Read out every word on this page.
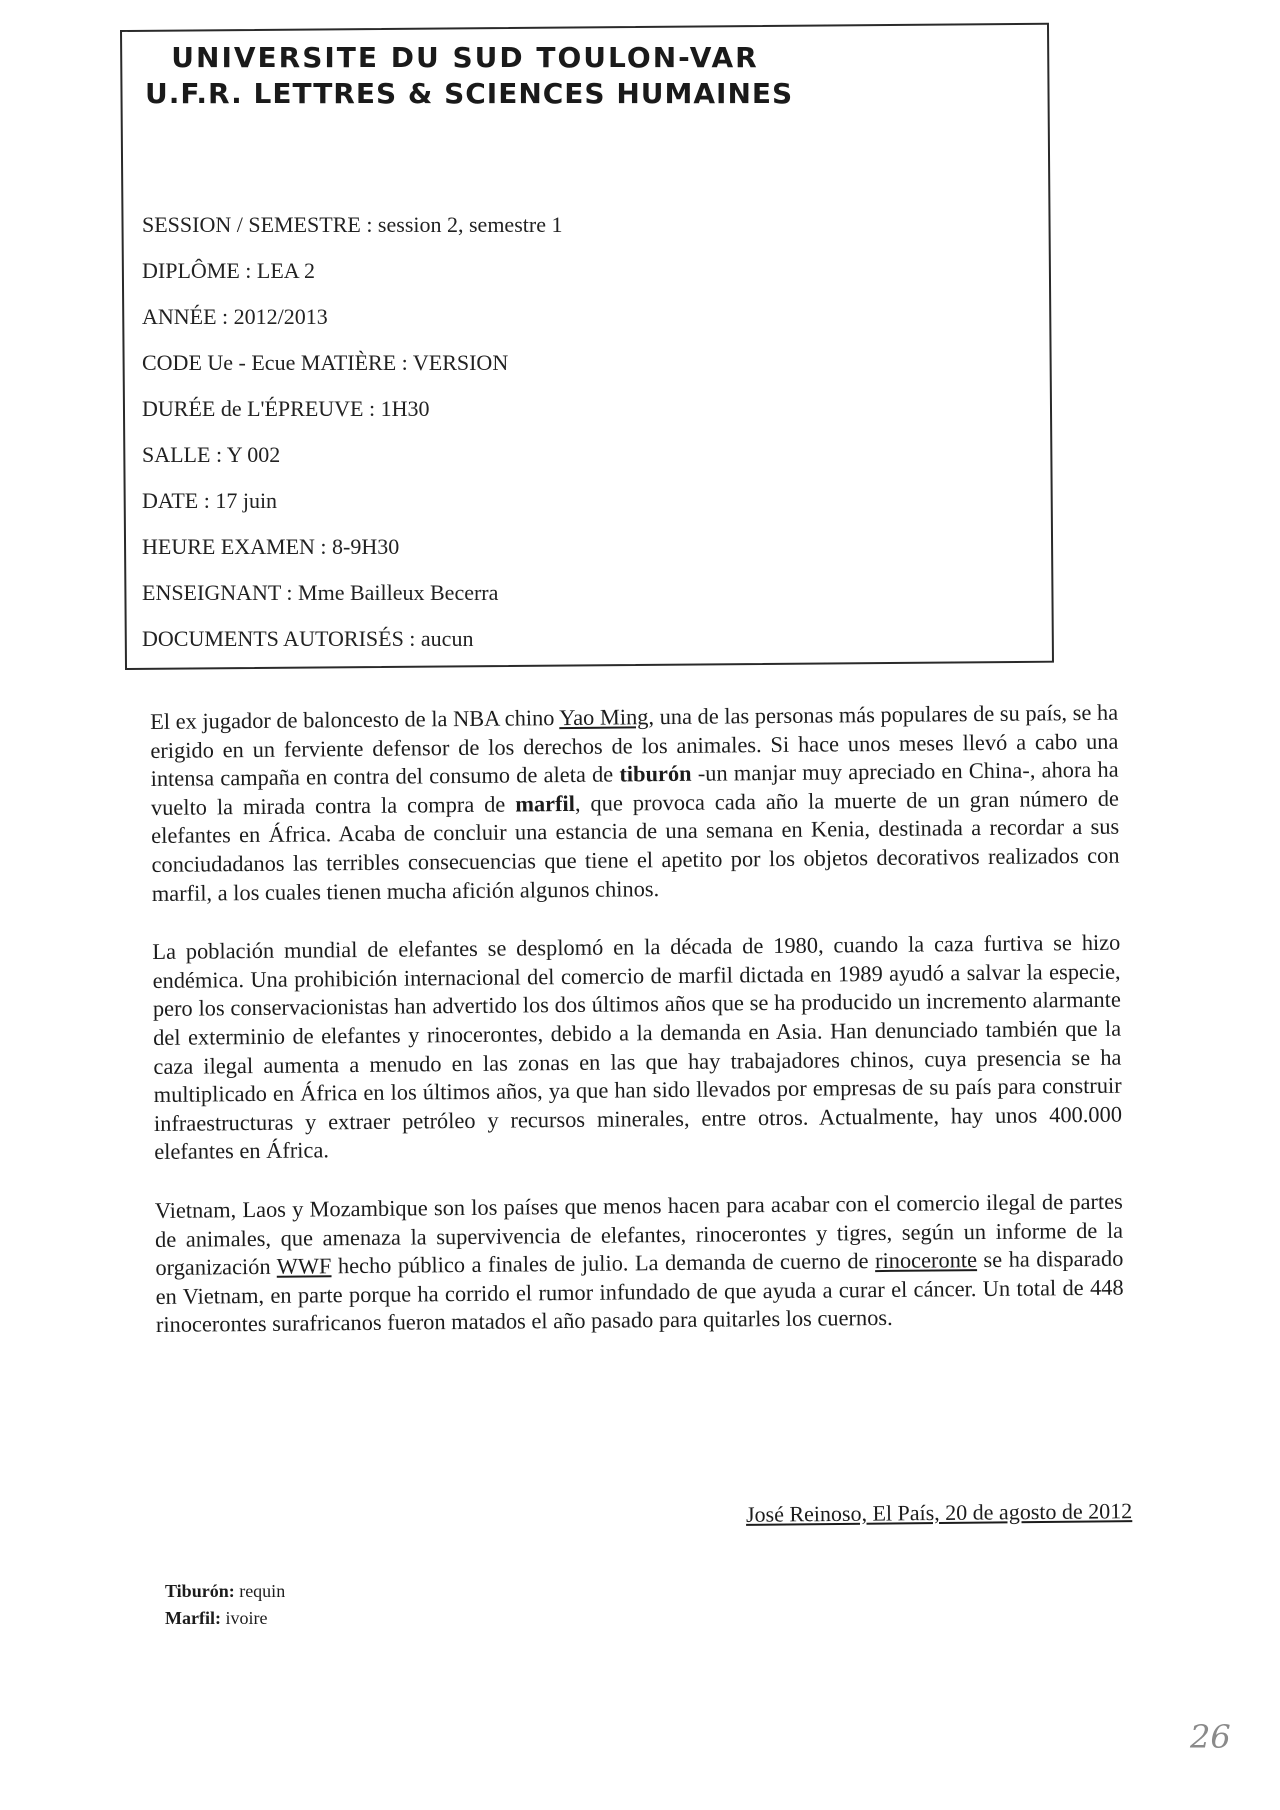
UNIVERSITE DU SUD TOULON-VAR
U.F.R. LETTRES & SCIENCES HUMAINES
SESSION / SEMESTRE : session 2, semestre 1
DIPLÔME : LEA 2
ANNÉE : 2012/2013
CODE Ue - Ecue MATIÈRE : VERSION
DURÉE de L'ÉPREUVE : 1H30
SALLE : Y 002
DATE : 17 juin
HEURE EXAMEN : 8-9H30
ENSEIGNANT : Mme Bailleux Becerra
DOCUMENTS AUTORISÉS : aucun

El ex jugador de baloncesto de la NBA chino Yao Ming, una de las personas más populares de su país, se ha erigido en un ferviente defensor de los derechos de los animales. Si hace unos meses llevó a cabo una intensa campaña en contra del consumo de aleta de tiburón -un manjar muy apreciado en China-, ahora ha vuelto la mirada contra la compra de marfil, que provoca cada año la muerte de un gran número de elefantes en África. Acaba de concluir una estancia de una semana en Kenia, destinada a recordar a sus conciudadanos las terribles consecuencias que tiene el apetito por los objetos decorativos realizados con marfil, a los cuales tienen mucha afición algunos chinos.

La población mundial de elefantes se desplomó en la década de 1980, cuando la caza furtiva se hizo endémica. Una prohibición internacional del comercio de marfil dictada en 1989 ayudó a salvar la especie, pero los conservacionistas han advertido los dos últimos años que se ha producido un incremento alarmante del exterminio de elefantes y rinocerontes, debido a la demanda en Asia. Han denunciado también que la caza ilegal aumenta a menudo en las zonas en las que hay trabajadores chinos, cuya presencia se ha multiplicado en África en los últimos años, ya que han sido llevados por empresas de su país para construir infraestructuras y extraer petróleo y recursos minerales, entre otros. Actualmente, hay unos 400.000 elefantes en África.

Vietnam, Laos y Mozambique son los países que menos hacen para acabar con el comercio ilegal de partes de animales, que amenaza la supervivencia de elefantes, rinocerontes y tigres, según un informe de la organización WWF hecho público a finales de julio. La demanda de cuerno de rinoceronte se ha disparado en Vietnam, en parte porque ha corrido el rumor infundado de que ayuda a curar el cáncer. Un total de 448 rinocerontes surafricanos fueron matados el año pasado para quitarles los cuernos.

José Reinoso, El País, 20 de agosto de 2012
Tiburón: requin
Marfil: ivoire
26
